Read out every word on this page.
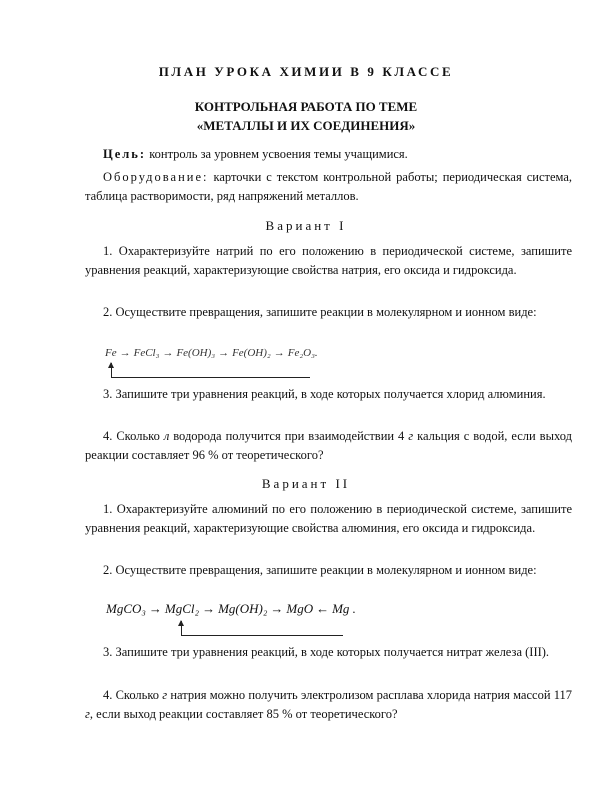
ПЛАН УРОКА ХИМИИ В 9 КЛАССЕ
КОНТРОЛЬНАЯ РАБОТА ПО ТЕМЕ
«МЕТАЛЛЫ И ИХ СОЕДИНЕНИЯ»
Цель: контроль за уровнем усвоения темы учащимися.
Оборудование: карточки с текстом контрольной работы; периодическая система, таблица растворимости, ряд напряжений металлов.
Вариант I
1. Охарактеризуйте натрий по его положению в периодической системе, запишите уравнения реакций, характеризующие свойства натрия, его оксида и гидроксида.
2. Осуществите превращения, запишите реакции в молекулярном и ионном виде:
Fe → FeCl₃ → Fe(OH)₃ → Fe(OH)₂ → Fe₂O₃.
3. Запишите три уравнения реакций, в ходе которых получается хлорид алюминия.
4. Сколько л водорода получится при взаимодействии 4 г кальция с водой, если выход реакции составляет 96 % от теоретического?
Вариант II
1. Охарактеризуйте алюминий по его положению в периодической системе, запишите уравнения реакций, характеризующие свойства алюминия, его оксида и гидроксида.
2. Осуществите превращения, запишите реакции в молекулярном и ионном виде:
MgCO₃ → MgCl₂ → Mg(OH)₂ → MgO ← Mg .
3. Запишите три уравнения реакций, в ходе которых получается нитрат железа (III).
4. Сколько г натрия можно получить электролизом расплава хлорида натрия массой 117 г, если выход реакции составляет 85 % от теоретического?
